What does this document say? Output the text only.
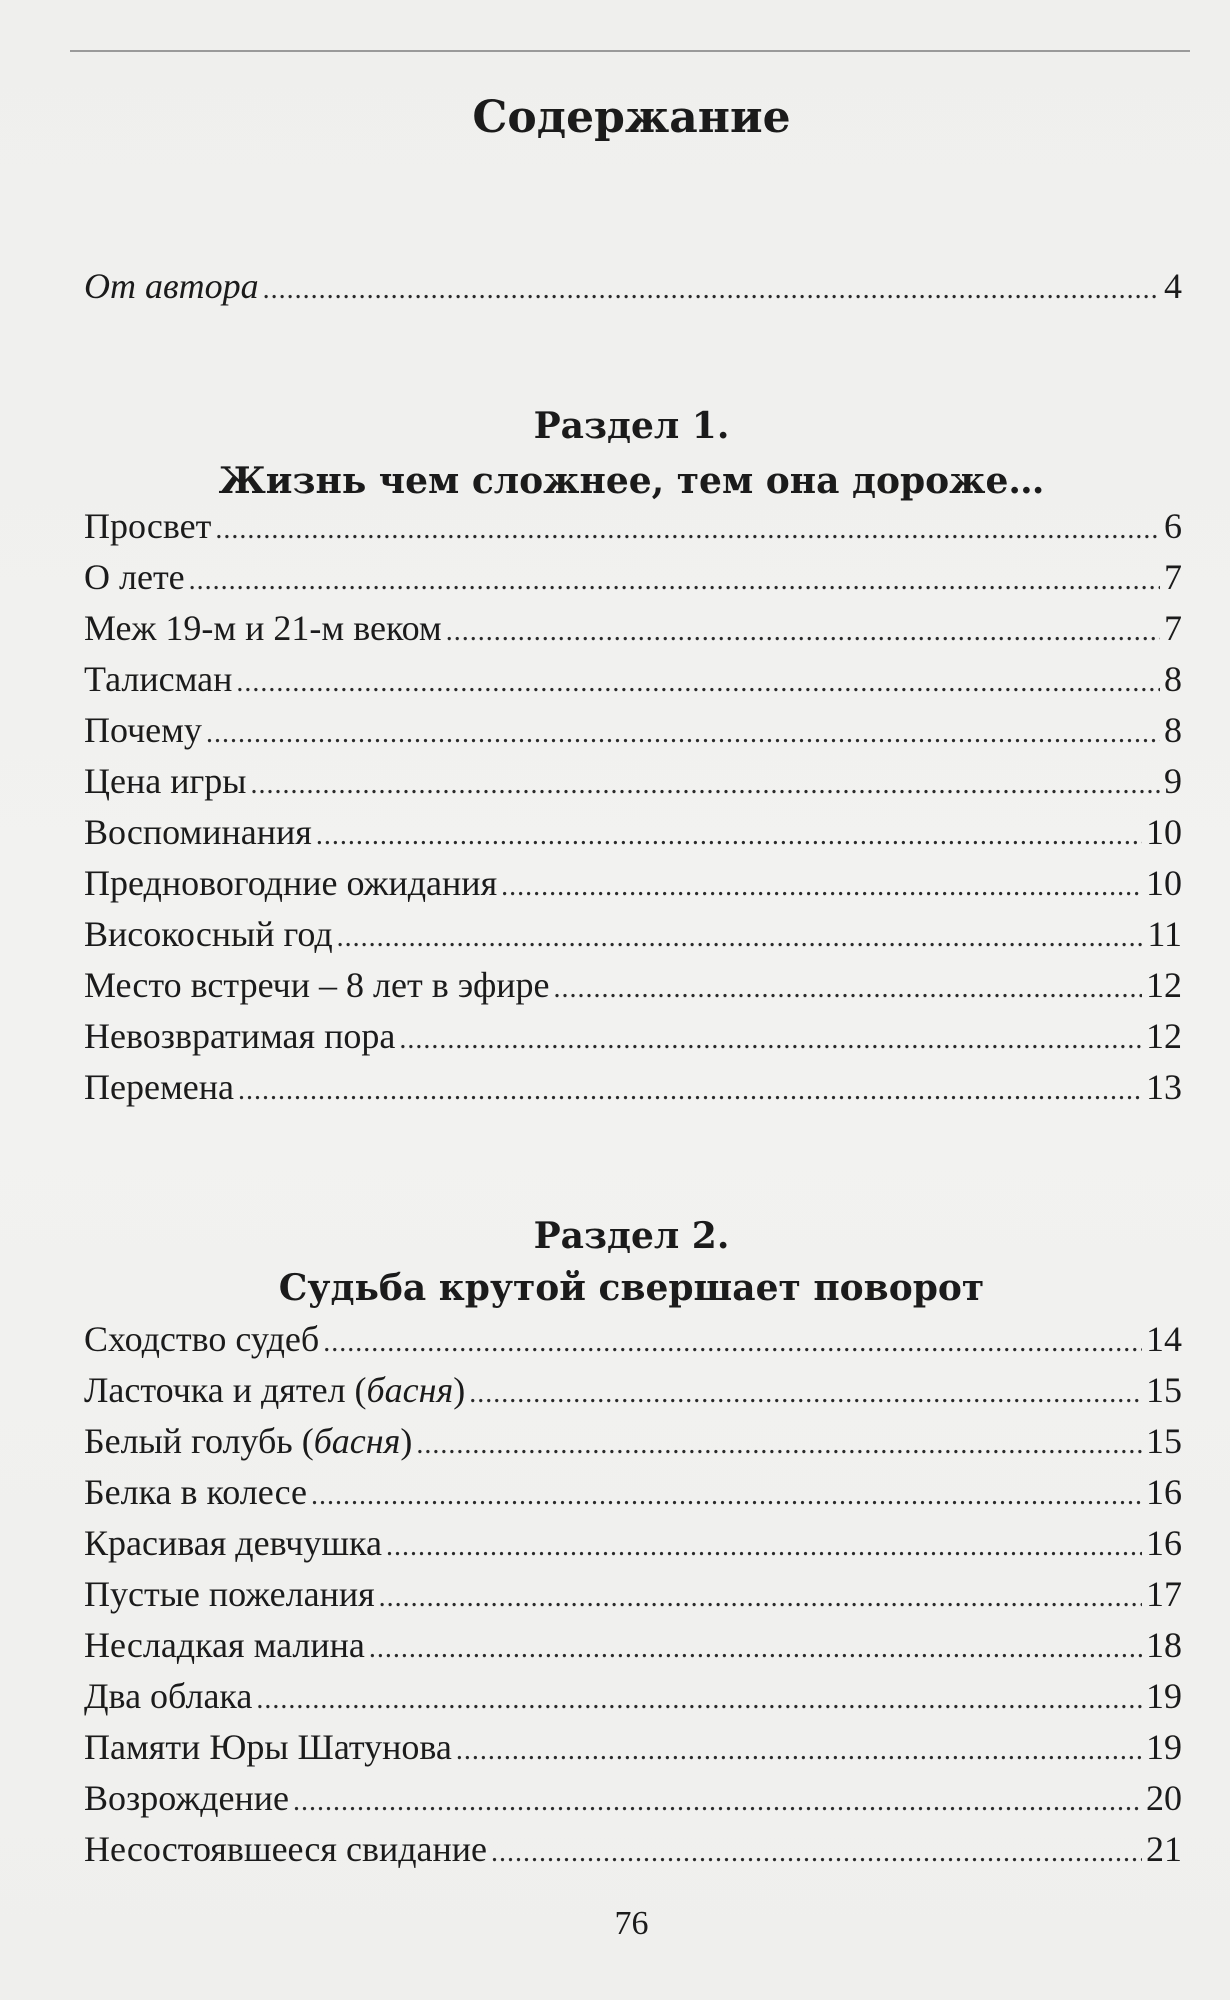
Содержание
От автора .....	4
Раздел 1.
Жизнь чем сложнее, тем она дороже…
Просвет .....	6
О лете .....	7
Меж 19-м и 21-м веком .....	7
Талисман .....	8
Почему .....	8
Цена игры .....	9
Воспоминания .....	10
Предновогодние ожидания .....	10
Високосный год .....	11
Место встречи – 8 лет в эфире .....	12
Невозвратимая пора .....	12
Перемена .....	13
Раздел 2.
Судьба крутой свершает поворот
Сходство судеб .....	14
Ласточка и дятел (басня) .....	15
Белый голубь (басня) .....	15
Белка в колесе .....	16
Красивая девчушка .....	16
Пустые пожелания .....	17
Несладкая малина .....	18
Два облака .....	19
Памяти Юры Шатунова .....	19
Возрождение .....	20
Несостоявшееся свидание .....	21
76
